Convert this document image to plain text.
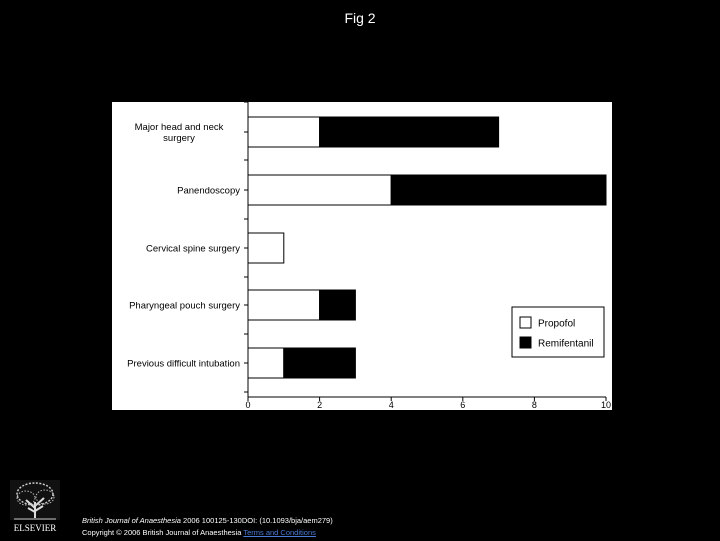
Fig 2
0	2	4	6	8	10
Major head and neck
surgery
Panendoscopy
Cervical spine surgery
Pharyngeal pouch surgery
Previous difficult intubation
Propofol
Remifentanil
ELSEVIER
British Journal of Anaesthesia 2006 100125-130DOI: (10.1093/bja/aem279)
Copyright © 2006 British Journal of Anaesthesia Terms and Conditions
